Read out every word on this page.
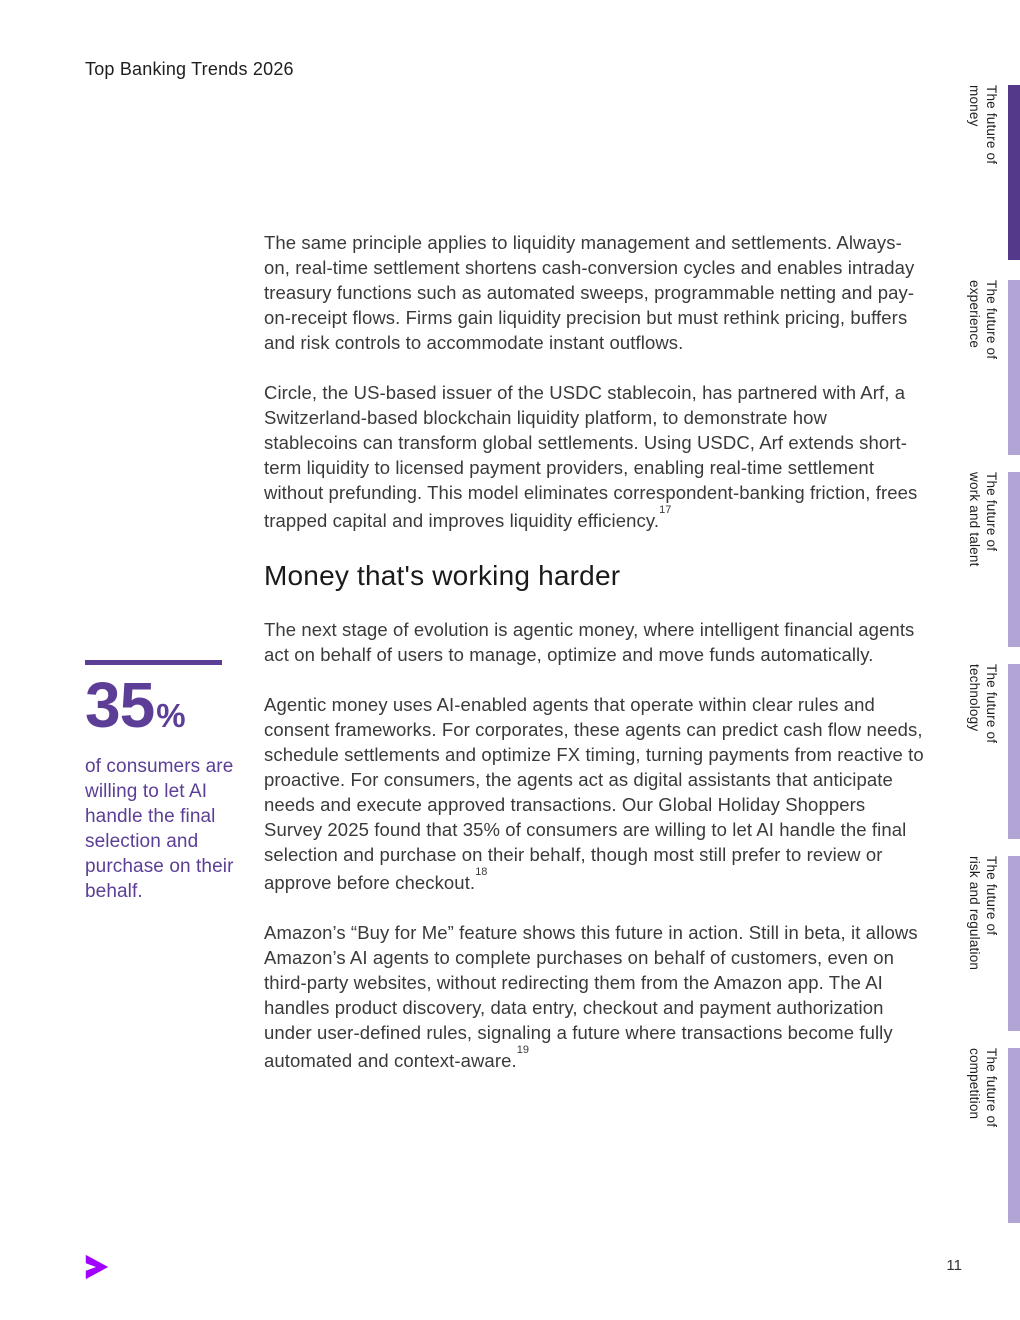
Top Banking Trends 2026
The future of
money
The future of
experience
The future of
work and talent
The future of
technology
The future of
risk and regulation
The future of
competition
35 %
of consumers are willing to let AI handle the final selection and purchase on their behalf.

The same principle applies to liquidity management and settlements. Always-on, real-time settlement shortens cash-conversion cycles and enables intraday treasury functions such as automated sweeps, programmable netting and pay-on-receipt flows. Firms gain liquidity precision but must rethink pricing, buffers and risk controls to accommodate instant outflows.

Circle, the US-based issuer of the USDC stablecoin, has partnered with Arf, a Switzerland-based blockchain liquidity platform, to demonstrate how stablecoins can transform global settlements. Using USDC, Arf extends short-term liquidity to licensed payment providers, enabling real-time settlement without prefunding. This model eliminates correspondent-banking friction, frees trapped capital and improves liquidity efficiency.$^{17}$

Money that's working harder

The next stage of evolution is agentic money, where intelligent financial agents act on behalf of users to manage, optimize and move funds automatically.

Agentic money uses AI-enabled agents that operate within clear rules and consent frameworks. For corporates, these agents can predict cash flow needs, schedule settlements and optimize FX timing, turning payments from reactive to proactive. For consumers, the agents act as digital assistants that anticipate needs and execute approved transactions. Our Global Holiday Shoppers Survey 2025 found that 35% of consumers are willing to let AI handle the final selection and purchase on their behalf, though most still prefer to review or approve before checkout.$^{18}$

Amazon’s “Buy for Me” feature shows this future in action. Still in beta, it allows Amazon’s AI agents to complete purchases on behalf of customers, even on third-party websites, without redirecting them from the Amazon app. The AI handles product discovery, data entry, checkout and payment authorization under user-defined rules, signaling a future where transactions become fully automated and context-aware.$^{19}$

11
